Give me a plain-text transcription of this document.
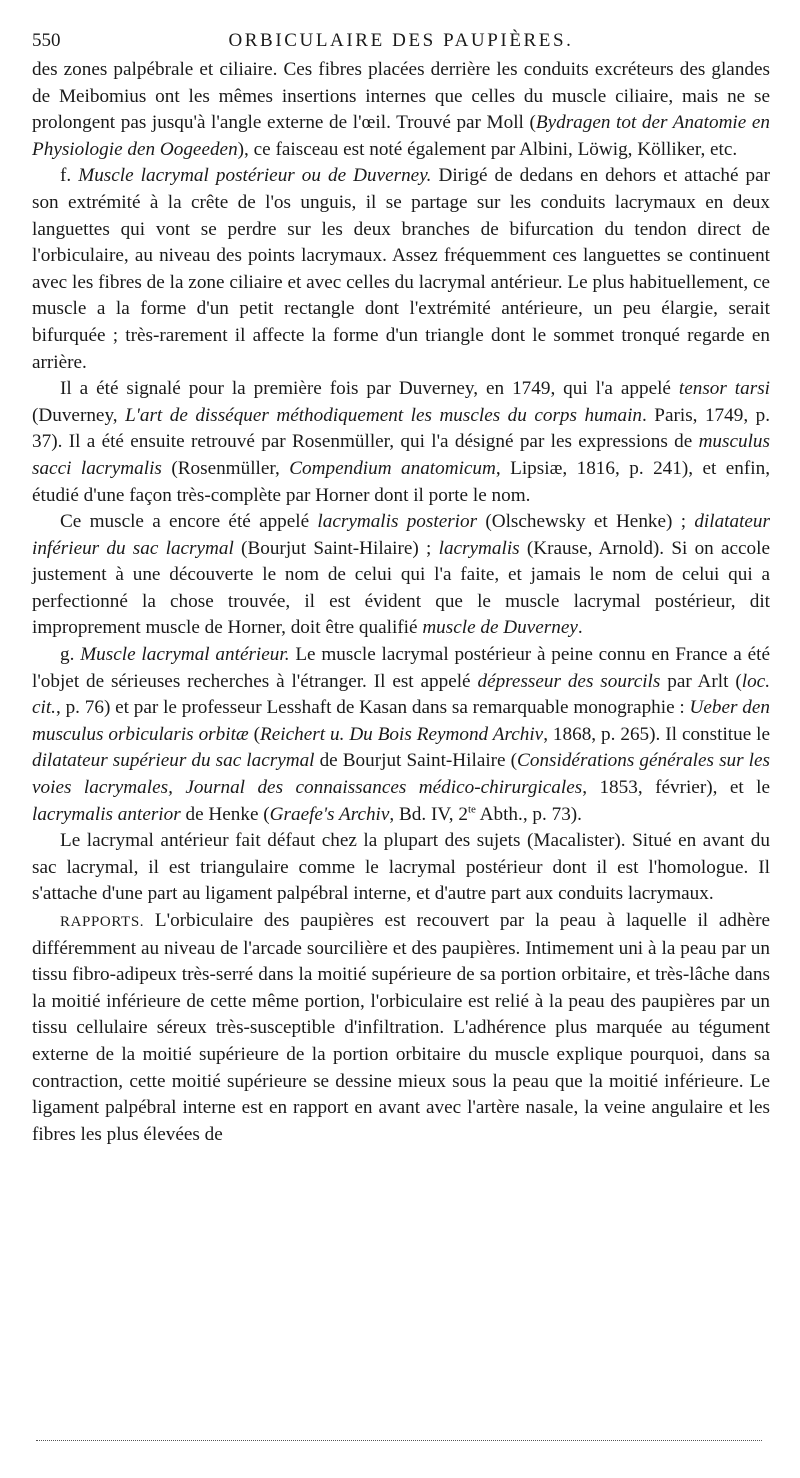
550	ORBICULAIRE DES PAUPIÈRES.

des zones palpébrale et ciliaire. Ces fibres placées derrière les conduits excréteurs des glandes de Meibomius ont les mêmes insertions internes que celles du muscle ciliaire, mais ne se prolongent pas jusqu'à l'angle externe de l'œil. Trouvé par Moll (Bydragen tot der Anatomie en Physiologie den Oogeeden), ce faisceau est noté également par Albini, Löwig, Kölliker, etc.

f. Muscle lacrymal postérieur ou de Duverney. Dirigé de dedans en dehors et attaché par son extrémité à la crête de l'os unguis, il se partage sur les conduits lacrymaux en deux languettes qui vont se perdre sur les deux branches de bifurcation du tendon direct de l'orbiculaire, au niveau des points lacrymaux. Assez fréquemment ces languettes se continuent avec les fibres de la zone ciliaire et avec celles du lacrymal antérieur. Le plus habituellement, ce muscle a la forme d'un petit rectangle dont l'extrémité antérieure, un peu élargie, serait bifurquée ; très-rarement il affecte la forme d'un triangle dont le sommet tronqué regarde en arrière.

Il a été signalé pour la première fois par Duverney, en 1749, qui l'a appelé tensor tarsi (Duverney, L'art de disséquer méthodiquement les muscles du corps humain. Paris, 1749, p. 37). Il a été ensuite retrouvé par Rosenmüller, qui l'a désigné par les expressions de musculus sacci lacrymalis (Rosenmüller, Compendium anatomicum, Lipsiæ, 1816, p. 241), et enfin, étudié d'une façon très-complète par Horner dont il porte le nom.

Ce muscle a encore été appelé lacrymalis posterior (Olschewsky et Henke) ; dilatateur inférieur du sac lacrymal (Bourjut Saint-Hilaire) ; lacrymalis (Krause, Arnold). Si on accole justement à une découverte le nom de celui qui l'a faite, et jamais le nom de celui qui a perfectionné la chose trouvée, il est évident que le muscle lacrymal postérieur, dit improprement muscle de Horner, doit être qualifié muscle de Duverney.

g. Muscle lacrymal antérieur. Le muscle lacrymal postérieur à peine connu en France a été l'objet de sérieuses recherches à l'étranger. Il est appelé dépresseur des sourcils par Arlt (loc. cit., p. 76) et par le professeur Lesshaft de Kasan dans sa remarquable monographie : Ueber den musculus orbicularis orbitæ (Reichert u. Du Bois Reymond Archiv, 1868, p. 265). Il constitue le dilatateur supérieur du sac lacrymal de Bourjut Saint-Hilaire (Considérations générales sur les voies lacrymales, Journal des connaissances médico-chirurgicales, 1853, février), et le lacrymalis anterior de Henke (Graefe's Archiv, Bd. IV, $2^{te}$ Abth., p. 73).

Le lacrymal antérieur fait défaut chez la plupart des sujets (Macalister). Situé en avant du sac lacrymal, il est triangulaire comme le lacrymal postérieur dont il est l'homologue. Il s'attache d'une part au ligament palpébral interne, et d'autre part aux conduits lacrymaux.

RAPPORTS. L'orbiculaire des paupières est recouvert par la peau à laquelle il adhère différemment au niveau de l'arcade sourcilière et des paupières. Intimement uni à la peau par un tissu fibro-adipeux très-serré dans la moitié supérieure de sa portion orbitaire, et très-lâche dans la moitié inférieure de cette même portion, l'orbiculaire est relié à la peau des paupières par un tissu cellulaire séreux très-susceptible d'infiltration. L'adhérence plus marquée au tégument externe de la moitié supérieure de la portion orbitaire du muscle explique pourquoi, dans sa contraction, cette moitié supérieure se dessine mieux sous la peau que la moitié inférieure. Le ligament palpébral interne est en rapport en avant avec l'artère nasale, la veine angulaire et les fibres les plus élevées de
